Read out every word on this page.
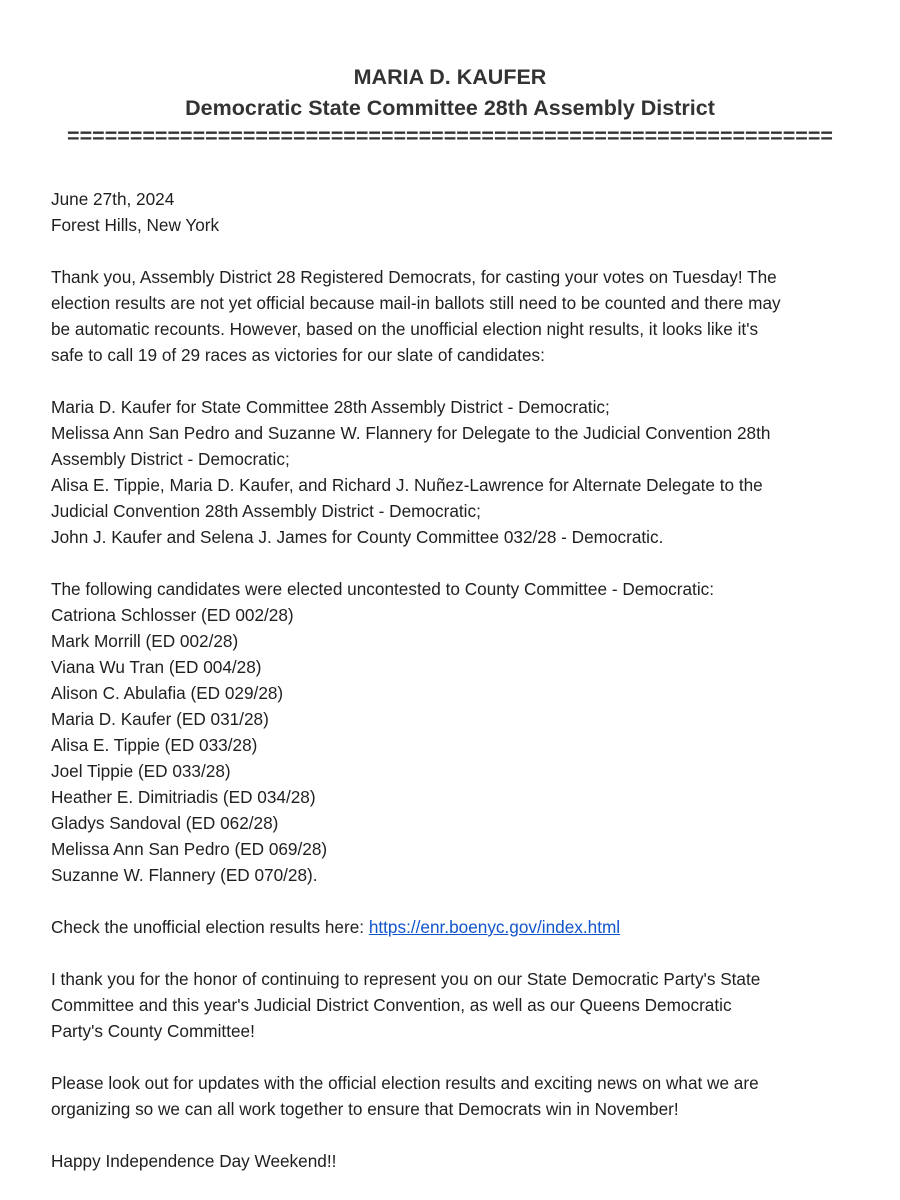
MARIA D. KAUFER
Democratic State Committee 28th Assembly District
=============================================================
June 27th, 2024
Forest Hills, New York
Thank you, Assembly District 28 Registered Democrats, for casting your votes on Tuesday! The
election results are not yet official because mail-in ballots still need to be counted and there may
be automatic recounts. However, based on the unofficial election night results, it looks like it's
safe to call 19 of 29 races as victories for our slate of candidates:
Maria D. Kaufer for State Committee 28th Assembly District - Democratic;
Melissa Ann San Pedro and Suzanne W. Flannery for Delegate to the Judicial Convention 28th
Assembly District - Democratic;
Alisa E. Tippie, Maria D. Kaufer, and Richard J. Nuñez-Lawrence for Alternate Delegate to the
Judicial Convention 28th Assembly District - Democratic;
John J. Kaufer and Selena J. James for County Committee 032/28 - Democratic.
The following candidates were elected uncontested to County Committee - Democratic:
Catriona Schlosser (ED 002/28)
Mark Morrill (ED 002/28)
Viana Wu Tran (ED 004/28)
Alison C. Abulafia (ED 029/28)
Maria D. Kaufer (ED 031/28)
Alisa E. Tippie (ED 033/28)
Joel Tippie (ED 033/28)
Heather E. Dimitriadis (ED 034/28)
Gladys Sandoval (ED 062/28)
Melissa Ann San Pedro (ED 069/28)
Suzanne W. Flannery (ED 070/28).
Check the unofficial election results here: https://enr.boenyc.gov/index.html
I thank you for the honor of continuing to represent you on our State Democratic Party's State
Committee and this year's Judicial District Convention, as well as our Queens Democratic
Party's County Committee!
Please look out for updates with the official election results and exciting news on what we are
organizing so we can all work together to ensure that Democrats win in November!
Happy Independence Day Weekend!!
